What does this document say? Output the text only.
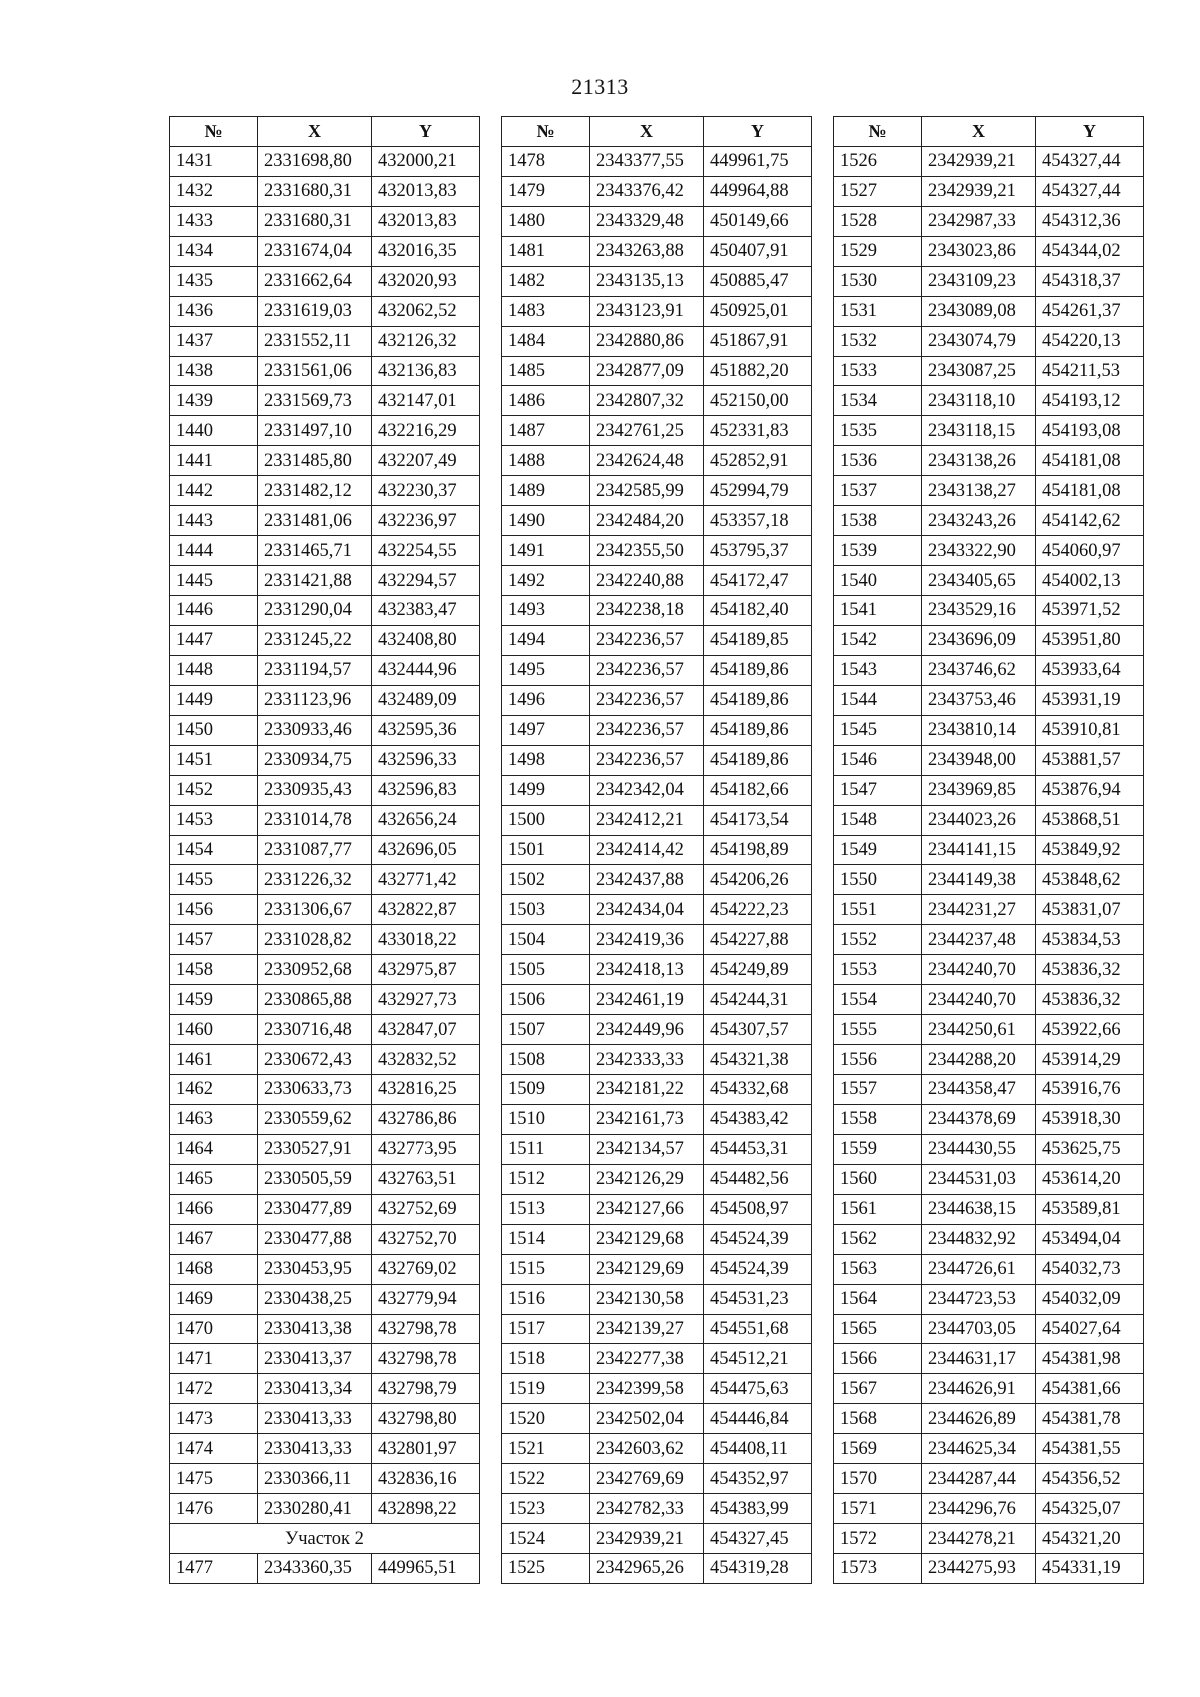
21313
№	X	Y
1431	2331698,80	432000,21
1432	2331680,31	432013,83
1433	2331680,31	432013,83
1434	2331674,04	432016,35
1435	2331662,64	432020,93
1436	2331619,03	432062,52
1437	2331552,11	432126,32
1438	2331561,06	432136,83
1439	2331569,73	432147,01
1440	2331497,10	432216,29
1441	2331485,80	432207,49
1442	2331482,12	432230,37
1443	2331481,06	432236,97
1444	2331465,71	432254,55
1445	2331421,88	432294,57
1446	2331290,04	432383,47
1447	2331245,22	432408,80
1448	2331194,57	432444,96
1449	2331123,96	432489,09
1450	2330933,46	432595,36
1451	2330934,75	432596,33
1452	2330935,43	432596,83
1453	2331014,78	432656,24
1454	2331087,77	432696,05
1455	2331226,32	432771,42
1456	2331306,67	432822,87
1457	2331028,82	433018,22
1458	2330952,68	432975,87
1459	2330865,88	432927,73
1460	2330716,48	432847,07
1461	2330672,43	432832,52
1462	2330633,73	432816,25
1463	2330559,62	432786,86
1464	2330527,91	432773,95
1465	2330505,59	432763,51
1466	2330477,89	432752,69
1467	2330477,88	432752,70
1468	2330453,95	432769,02
1469	2330438,25	432779,94
1470	2330413,38	432798,78
1471	2330413,37	432798,78
1472	2330413,34	432798,79
1473	2330413,33	432798,80
1474	2330413,33	432801,97
1475	2330366,11	432836,16
1476	2330280,41	432898,22
Участок 2		
1477	2343360,35	449965,51
№	X	Y
1478	2343377,55	449961,75
1479	2343376,42	449964,88
1480	2343329,48	450149,66
1481	2343263,88	450407,91
1482	2343135,13	450885,47
1483	2343123,91	450925,01
1484	2342880,86	451867,91
1485	2342877,09	451882,20
1486	2342807,32	452150,00
1487	2342761,25	452331,83
1488	2342624,48	452852,91
1489	2342585,99	452994,79
1490	2342484,20	453357,18
1491	2342355,50	453795,37
1492	2342240,88	454172,47
1493	2342238,18	454182,40
1494	2342236,57	454189,85
1495	2342236,57	454189,86
1496	2342236,57	454189,86
1497	2342236,57	454189,86
1498	2342236,57	454189,86
1499	2342342,04	454182,66
1500	2342412,21	454173,54
1501	2342414,42	454198,89
1502	2342437,88	454206,26
1503	2342434,04	454222,23
1504	2342419,36	454227,88
1505	2342418,13	454249,89
1506	2342461,19	454244,31
1507	2342449,96	454307,57
1508	2342333,33	454321,38
1509	2342181,22	454332,68
1510	2342161,73	454383,42
1511	2342134,57	454453,31
1512	2342126,29	454482,56
1513	2342127,66	454508,97
1514	2342129,68	454524,39
1515	2342129,69	454524,39
1516	2342130,58	454531,23
1517	2342139,27	454551,68
1518	2342277,38	454512,21
1519	2342399,58	454475,63
1520	2342502,04	454446,84
1521	2342603,62	454408,11
1522	2342769,69	454352,97
1523	2342782,33	454383,99
1524	2342939,21	454327,45
1525	2342965,26	454319,28
№	X	Y
1526	2342939,21	454327,44
1527	2342939,21	454327,44
1528	2342987,33	454312,36
1529	2343023,86	454344,02
1530	2343109,23	454318,37
1531	2343089,08	454261,37
1532	2343074,79	454220,13
1533	2343087,25	454211,53
1534	2343118,10	454193,12
1535	2343118,15	454193,08
1536	2343138,26	454181,08
1537	2343138,27	454181,08
1538	2343243,26	454142,62
1539	2343322,90	454060,97
1540	2343405,65	454002,13
1541	2343529,16	453971,52
1542	2343696,09	453951,80
1543	2343746,62	453933,64
1544	2343753,46	453931,19
1545	2343810,14	453910,81
1546	2343948,00	453881,57
1547	2343969,85	453876,94
1548	2344023,26	453868,51
1549	2344141,15	453849,92
1550	2344149,38	453848,62
1551	2344231,27	453831,07
1552	2344237,48	453834,53
1553	2344240,70	453836,32
1554	2344240,70	453836,32
1555	2344250,61	453922,66
1556	2344288,20	453914,29
1557	2344358,47	453916,76
1558	2344378,69	453918,30
1559	2344430,55	453625,75
1560	2344531,03	453614,20
1561	2344638,15	453589,81
1562	2344832,92	453494,04
1563	2344726,61	454032,73
1564	2344723,53	454032,09
1565	2344703,05	454027,64
1566	2344631,17	454381,98
1567	2344626,91	454381,66
1568	2344626,89	454381,78
1569	2344625,34	454381,55
1570	2344287,44	454356,52
1571	2344296,76	454325,07
1572	2344278,21	454321,20
1573	2344275,93	454331,19
